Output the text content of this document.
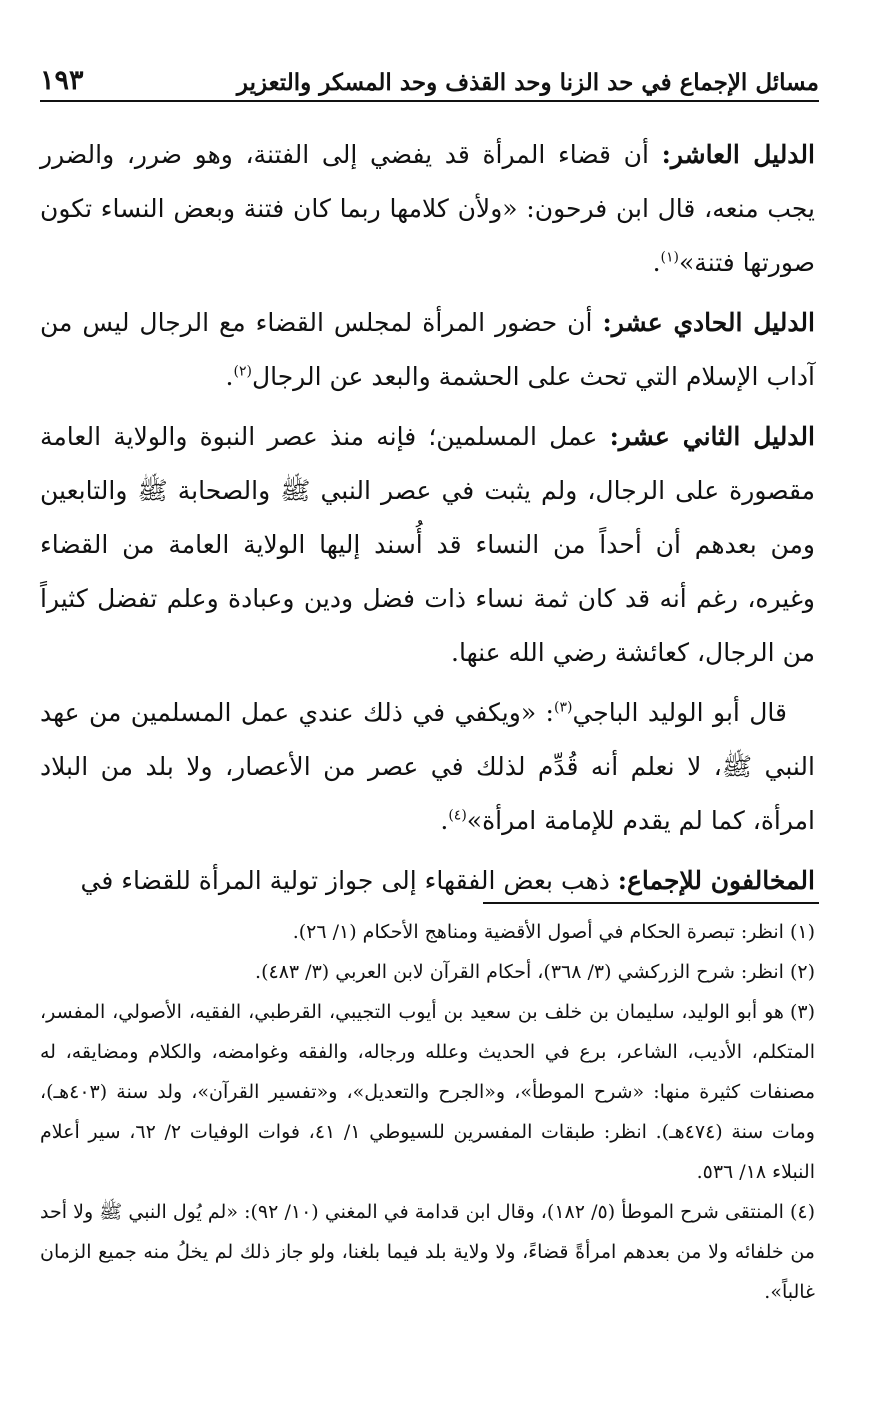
مسائل الإجماع في حد الزنا وحد القذف وحد المسكر والتعزير
١٩٣

الدليل العاشر: أن قضاء المرأة قد يفضي إلى الفتنة، وهو ضرر، والضرر يجب منعه، قال ابن فرحون: «ولأن كلامها ربما كان فتنة وبعض النساء تكون صورتها فتنة»$^{(١)}$.

الدليل الحادي عشر: أن حضور المرأة لمجلس القضاء مع الرجال ليس من آداب الإسلام التي تحث على الحشمة والبعد عن الرجال$^{(٢)}$.

الدليل الثاني عشر: عمل المسلمين؛ فإنه منذ عصر النبوة والولاية العامة مقصورة على الرجال، ولم يثبت في عصر النبي ﷺ والصحابة ﷺ والتابعين ومن بعدهم أن أحداً من النساء قد أُسند إليها الولاية العامة من القضاء وغيره، رغم أنه قد كان ثمة نساء ذات فضل ودين وعبادة وعلم تفضل كثيراً من الرجال، كعائشة رضي الله عنها.

قال أبو الوليد الباجي$^{(٣)}$: «ويكفي في ذلك عندي عمل المسلمين من عهد النبي ﷺ، لا نعلم أنه قُدِّم لذلك في عصر من الأعصار، ولا بلد من البلاد امرأة، كما لم يقدم للإمامة امرأة»$^{(٤)}$.

المخالفون للإجماع: ذهب بعض الفقهاء إلى جواز تولية المرأة للقضاء في

(١)انظر: تبصرة الحكام في أصول الأقضية ومناهج الأحكام (١/ ٢٦).

(٢)انظر: شرح الزركشي (٣/ ٣٦٨)، أحكام القرآن لابن العربي (٣/ ٤٨٣).

(٣)هو أبو الوليد، سليمان بن خلف بن سعيد بن أيوب التجيبي، القرطبي، الفقيه، الأصولي، المفسر، المتكلم، الأديب، الشاعر، برع في الحديث وعلله ورجاله، والفقه وغوامضه، والكلام ومضايقه، له مصنفات كثيرة منها: «شرح الموطأ»، و«الجرح والتعديل»، و«تفسير القرآن»، ولد سنة (٤٠٣هـ)، ومات سنة (٤٧٤هـ). انظر: طبقات المفسرين للسيوطي ١/ ٤١، فوات الوفيات ٢/ ٦٢، سير أعلام النبلاء ١٨/ ٥٣٦.

(٤)المنتقى شرح الموطأ (٥/ ١٨٢)، وقال ابن قدامة في المغني (١٠/ ٩٢): «لم يُول النبي ﷺ ولا أحد من خلفائه ولا من بعدهم امرأةً قضاءً، ولا ولاية بلد فيما بلغنا، ولو جاز ذلك لم يخلُ منه جميع الزمان غالباً».
